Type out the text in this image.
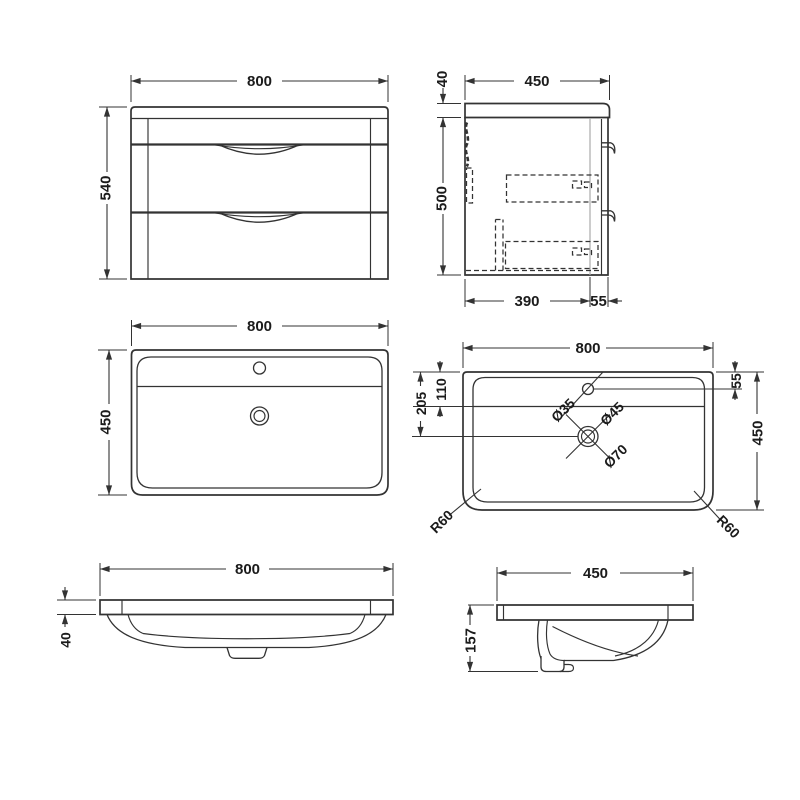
800
540
450
40
500
390	55
800
450
800
55
450
110
205	Ø35 Ø45
Ø70
R60	R60
800
40
450
157
